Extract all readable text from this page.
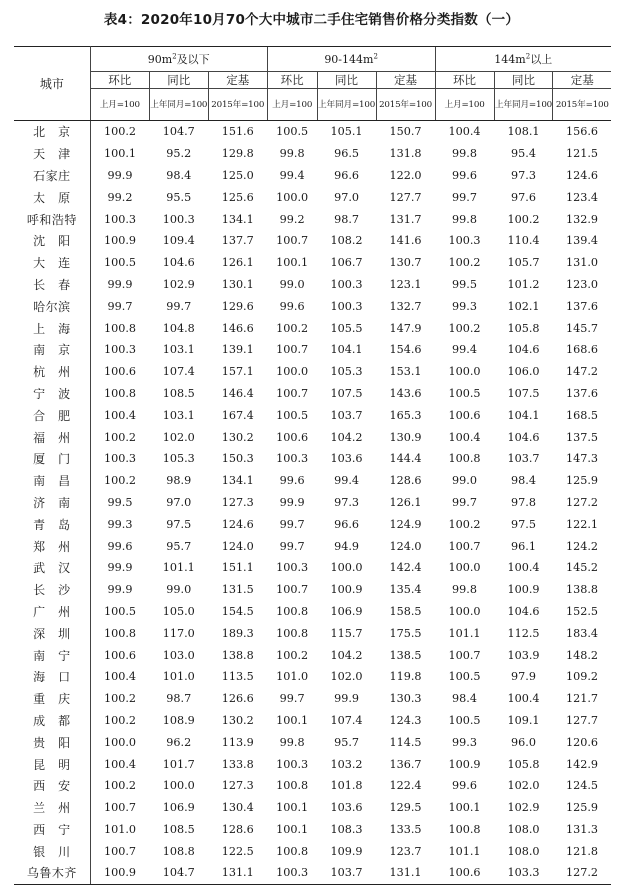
表4：2020年10月70个大中城市二手住宅销售价格分类指数（一）
城市	$90m^2$及以下			$90-144m^2$			$144m^2$以上		
	环比	同比	定基	环比	同比	定基	环比	同比	定基
	上月=100	上年同月=100	2015年=100	上月=100	上年同月=100	2015年=100	上月=100	上年同月=100	2015年=100
北　京	100.2	104.7	151.6	100.5	105.1	150.7	100.4	108.1	156.6
天　津	100.1	95.2	129.8	99.8	96.5	131.8	99.8	95.4	121.5
石家庄	99.9	98.4	125.0	99.4	96.6	122.0	99.6	97.3	124.6
太　原	99.2	95.5	125.6	100.0	97.0	127.7	99.7	97.6	123.4
呼和浩特	100.3	100.3	134.1	99.2	98.7	131.7	99.8	100.2	132.9
沈　阳	100.9	109.4	137.7	100.7	108.2	141.6	100.3	110.4	139.4
大　连	100.5	104.6	126.1	100.1	106.7	130.7	100.2	105.7	131.0
长　春	99.9	102.9	130.1	99.0	100.3	123.1	99.5	101.2	123.0
哈尔滨	99.7	99.7	129.6	99.6	100.3	132.7	99.3	102.1	137.6
上　海	100.8	104.8	146.6	100.2	105.5	147.9	100.2	105.8	145.7
南　京	100.3	103.1	139.1	100.7	104.1	154.6	99.4	104.6	168.6
杭　州	100.6	107.4	157.1	100.0	105.3	153.1	100.0	106.0	147.2
宁　波	100.8	108.5	146.4	100.7	107.5	143.6	100.5	107.5	137.6
合　肥	100.4	103.1	167.4	100.5	103.7	165.3	100.6	104.1	168.5
福　州	100.2	102.0	130.2	100.6	104.2	130.9	100.4	104.6	137.5
厦　门	100.3	105.3	150.3	100.3	103.6	144.4	100.8	103.7	147.3
南　昌	100.2	98.9	134.1	99.6	99.4	128.6	99.0	98.4	125.9
济　南	99.5	97.0	127.3	99.9	97.3	126.1	99.7	97.8	127.2
青　岛	99.3	97.5	124.6	99.7	96.6	124.9	100.2	97.5	122.1
郑　州	99.6	95.7	124.0	99.7	94.9	124.0	100.7	96.1	124.2
武　汉	99.9	101.1	151.1	100.3	100.0	142.4	100.0	100.4	145.2
长　沙	99.9	99.0	131.5	100.7	100.9	135.4	99.8	100.9	138.8
广　州	100.5	105.0	154.5	100.8	106.9	158.5	100.0	104.6	152.5
深　圳	100.8	117.0	189.3	100.8	115.7	175.5	101.1	112.5	183.4
南　宁	100.6	103.0	138.8	100.2	104.2	138.5	100.7	103.9	148.2
海　口	100.4	101.0	113.5	101.0	102.0	119.8	100.5	97.9	109.2
重　庆	100.2	98.7	126.6	99.7	99.9	130.3	98.4	100.4	121.7
成　都	100.2	108.9	130.2	100.1	107.4	124.3	100.5	109.1	127.7
贵　阳	100.0	96.2	113.9	99.8	95.7	114.5	99.3	96.0	120.6
昆　明	100.4	101.7	133.8	100.3	103.2	136.7	100.9	105.8	142.9
西　安	100.2	100.0	127.3	100.8	101.8	122.4	99.6	102.0	124.5
兰　州	100.7	106.9	130.4	100.1	103.6	129.5	100.1	102.9	125.9
西　宁	101.0	108.5	128.6	100.1	108.3	133.5	100.8	108.0	131.3
银　川	100.7	108.8	122.5	100.8	109.9	123.7	101.1	108.0	121.8
乌鲁木齐	100.9	104.7	131.1	100.3	103.7	131.1	100.6	103.3	127.2
